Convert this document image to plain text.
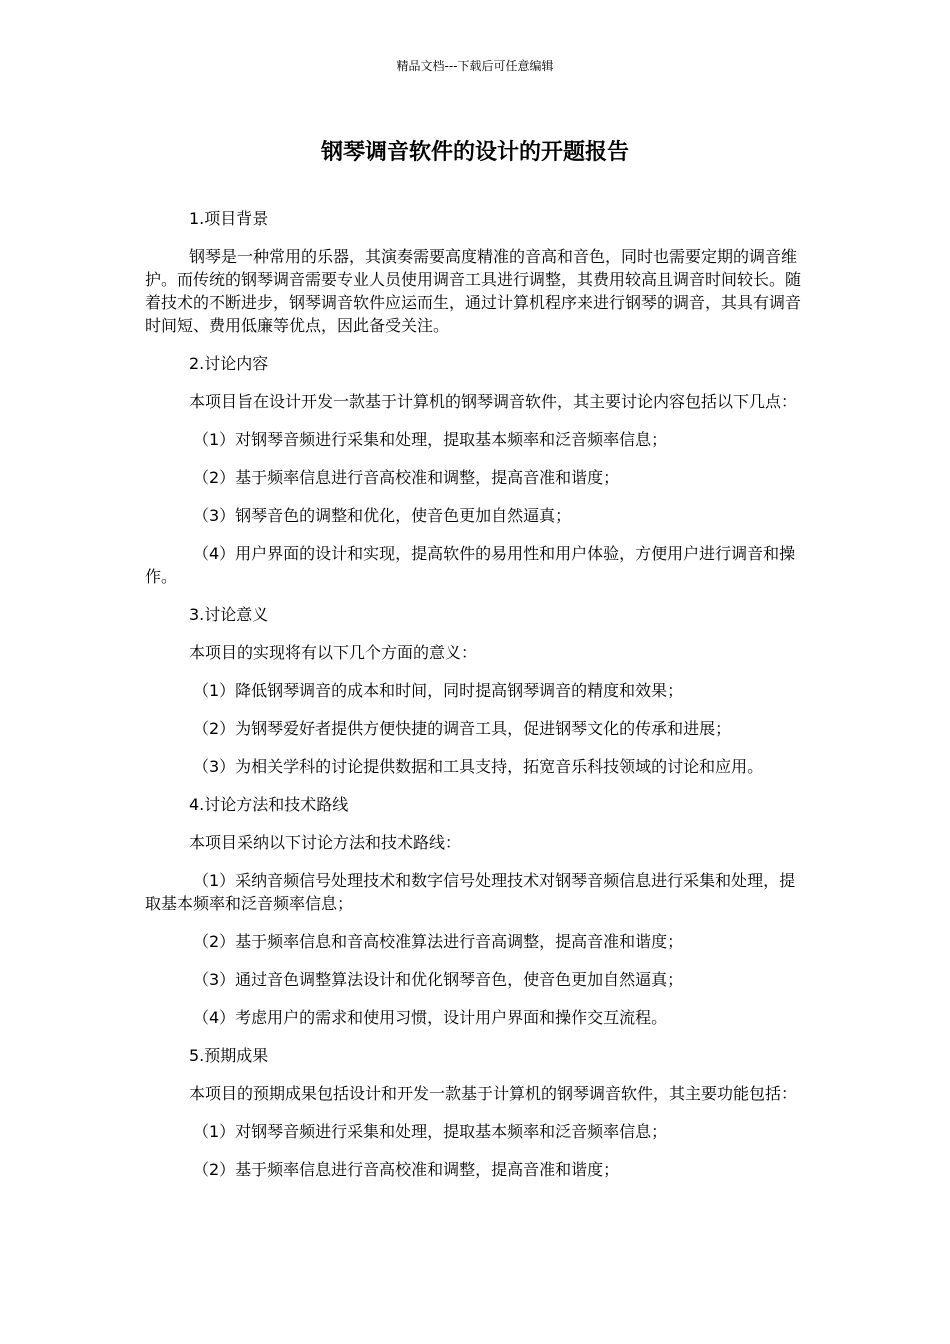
精品文档---下载后可任意编辑
钢琴调音软件的设计的开题报告

1.项目背景

钢琴是一种常用的乐器，其演奏需要高度精准的音高和音色，同时也需要定期的调音维护。而传统的钢琴调音需要专业人员使用调音工具进行调整，其费用较高且调音时间较长。随着技术的不断进步，钢琴调音软件应运而生，通过计算机程序来进行钢琴的调音，其具有调音时间短、费用低廉等优点，因此备受关注。

2.讨论内容

本项目旨在设计开发一款基于计算机的钢琴调音软件，其主要讨论内容包括以下几点：

（1）对钢琴音频进行采集和处理，提取基本频率和泛音频率信息；

（2）基于频率信息进行音高校准和调整，提高音准和谐度；

（3）钢琴音色的调整和优化，使音色更加自然逼真；

（4）用户界面的设计和实现，提高软件的易用性和用户体验，方便用户进行调音和操作。

3.讨论意义

本项目的实现将有以下几个方面的意义：

（1）降低钢琴调音的成本和时间，同时提高钢琴调音的精度和效果；

（2）为钢琴爱好者提供方便快捷的调音工具，促进钢琴文化的传承和进展；

（3）为相关学科的讨论提供数据和工具支持，拓宽音乐科技领域的讨论和应用。

4.讨论方法和技术路线

本项目采纳以下讨论方法和技术路线：

（1）采纳音频信号处理技术和数字信号处理技术对钢琴音频信息进行采集和处理，提取基本频率和泛音频率信息；

（2）基于频率信息和音高校准算法进行音高调整，提高音准和谐度；

（3）通过音色调整算法设计和优化钢琴音色，使音色更加自然逼真；

（4）考虑用户的需求和使用习惯，设计用户界面和操作交互流程。

5.预期成果

本项目的预期成果包括设计和开发一款基于计算机的钢琴调音软件，其主要功能包括：

（1）对钢琴音频进行采集和处理，提取基本频率和泛音频率信息；

（2）基于频率信息进行音高校准和调整，提高音准和谐度；
